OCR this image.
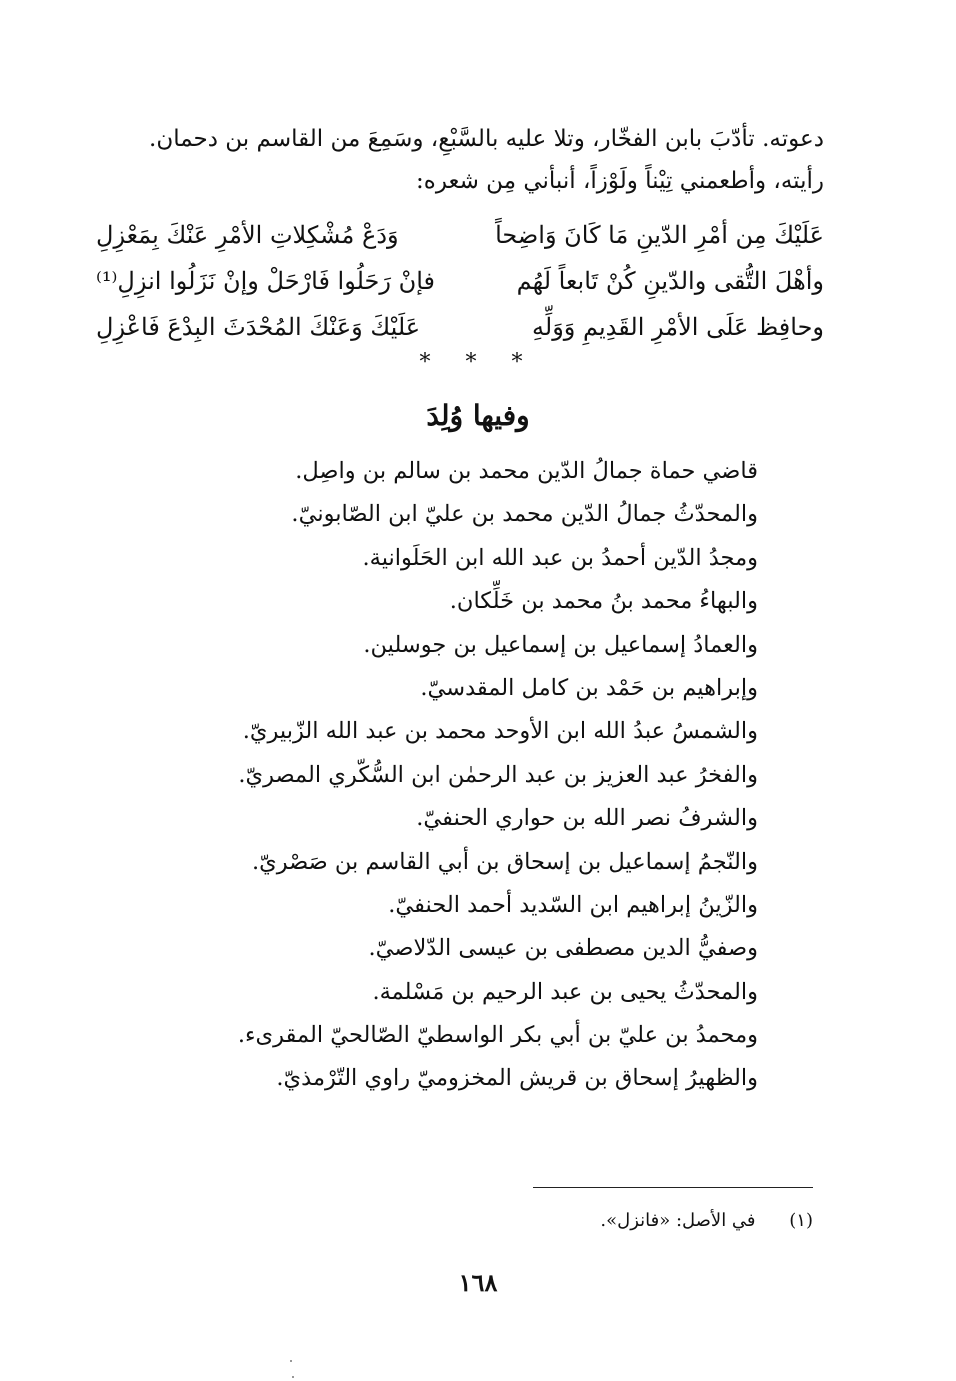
دعوته. تأدّبَ بابن الفخّار، وتلا عليه بالسَّبْعِ، وسَمِعَ من القاسم بن دحمان.

رأيته، وأطعمني تِيْناً ولَوْزاً، أنبأني مِن شعره:

عَلَيْكَ مِن أمْرِ الدّينِ مَا كَانَ وَاضِحاً
وَدَعْ مُشْكِلاتِ الأمْرِ عَنْكَ بِمَعْزِلِ
وأهْلَ التُّقى والدّينِ كُنْ تَابعاً لَهُم
فإنْ رَحَلُوا فَارْحَلْ وإنْ نَزَلُوا انزِلِ⁽¹⁾
وحافِظ عَلَى الأمْرِ القَدِيمِ وَوَلِّهِ
عَلَيْكَ وَعَنْكَ المُحْدَثَ البِدْعَ فَاعْزِلِ
* * *
وفيها وُلِدَ
قاضي حماة جمالُ الدّين محمد بن سالم بن واصِل.
والمحدّثُ جمالُ الدّين محمد بن عليّ ابن الصّابونيّ.
ومجدُ الدّين أحمدُ بن عبد الله ابن الحَلَوانية.
والبهاءُ محمد بنُ محمد بن خَلِّكان.
والعمادُ إسماعيل بن إسماعيل بن جوسلين.
وإبراهيم بن حَمْد بن كامل المقدسيّ.
والشمسُ عبدُ الله ابن الأوحد محمد بن عبد الله الزّبيريّ.
والفخرُ عبد العزيز بن عبد الرحمٰن ابن السُّكّري المصريّ.
والشرفُ نصر الله بن حواري الحنفيّ.
والنّجمُ إسماعيل بن إسحاق بن أبي القاسم بن صَصْريّ.
والزّينُ إبراهيم ابن السّديد أحمد الحنفيّ.
وصفيُّ الدين مصطفى بن عيسى الدّلاصيّ.
والمحدّثُ يحيى بن عبد الرحيم بن مَسْلمة.
ومحمدُ بن عليّ بن أبي بكر الواسطيّ الصّالحيّ المقرىء.
والظهيرُ إسحاق بن قريش المخزوميّ راوي التّرْمذيّ.
(١) في الأصل: «فانزل».
١٦٨
